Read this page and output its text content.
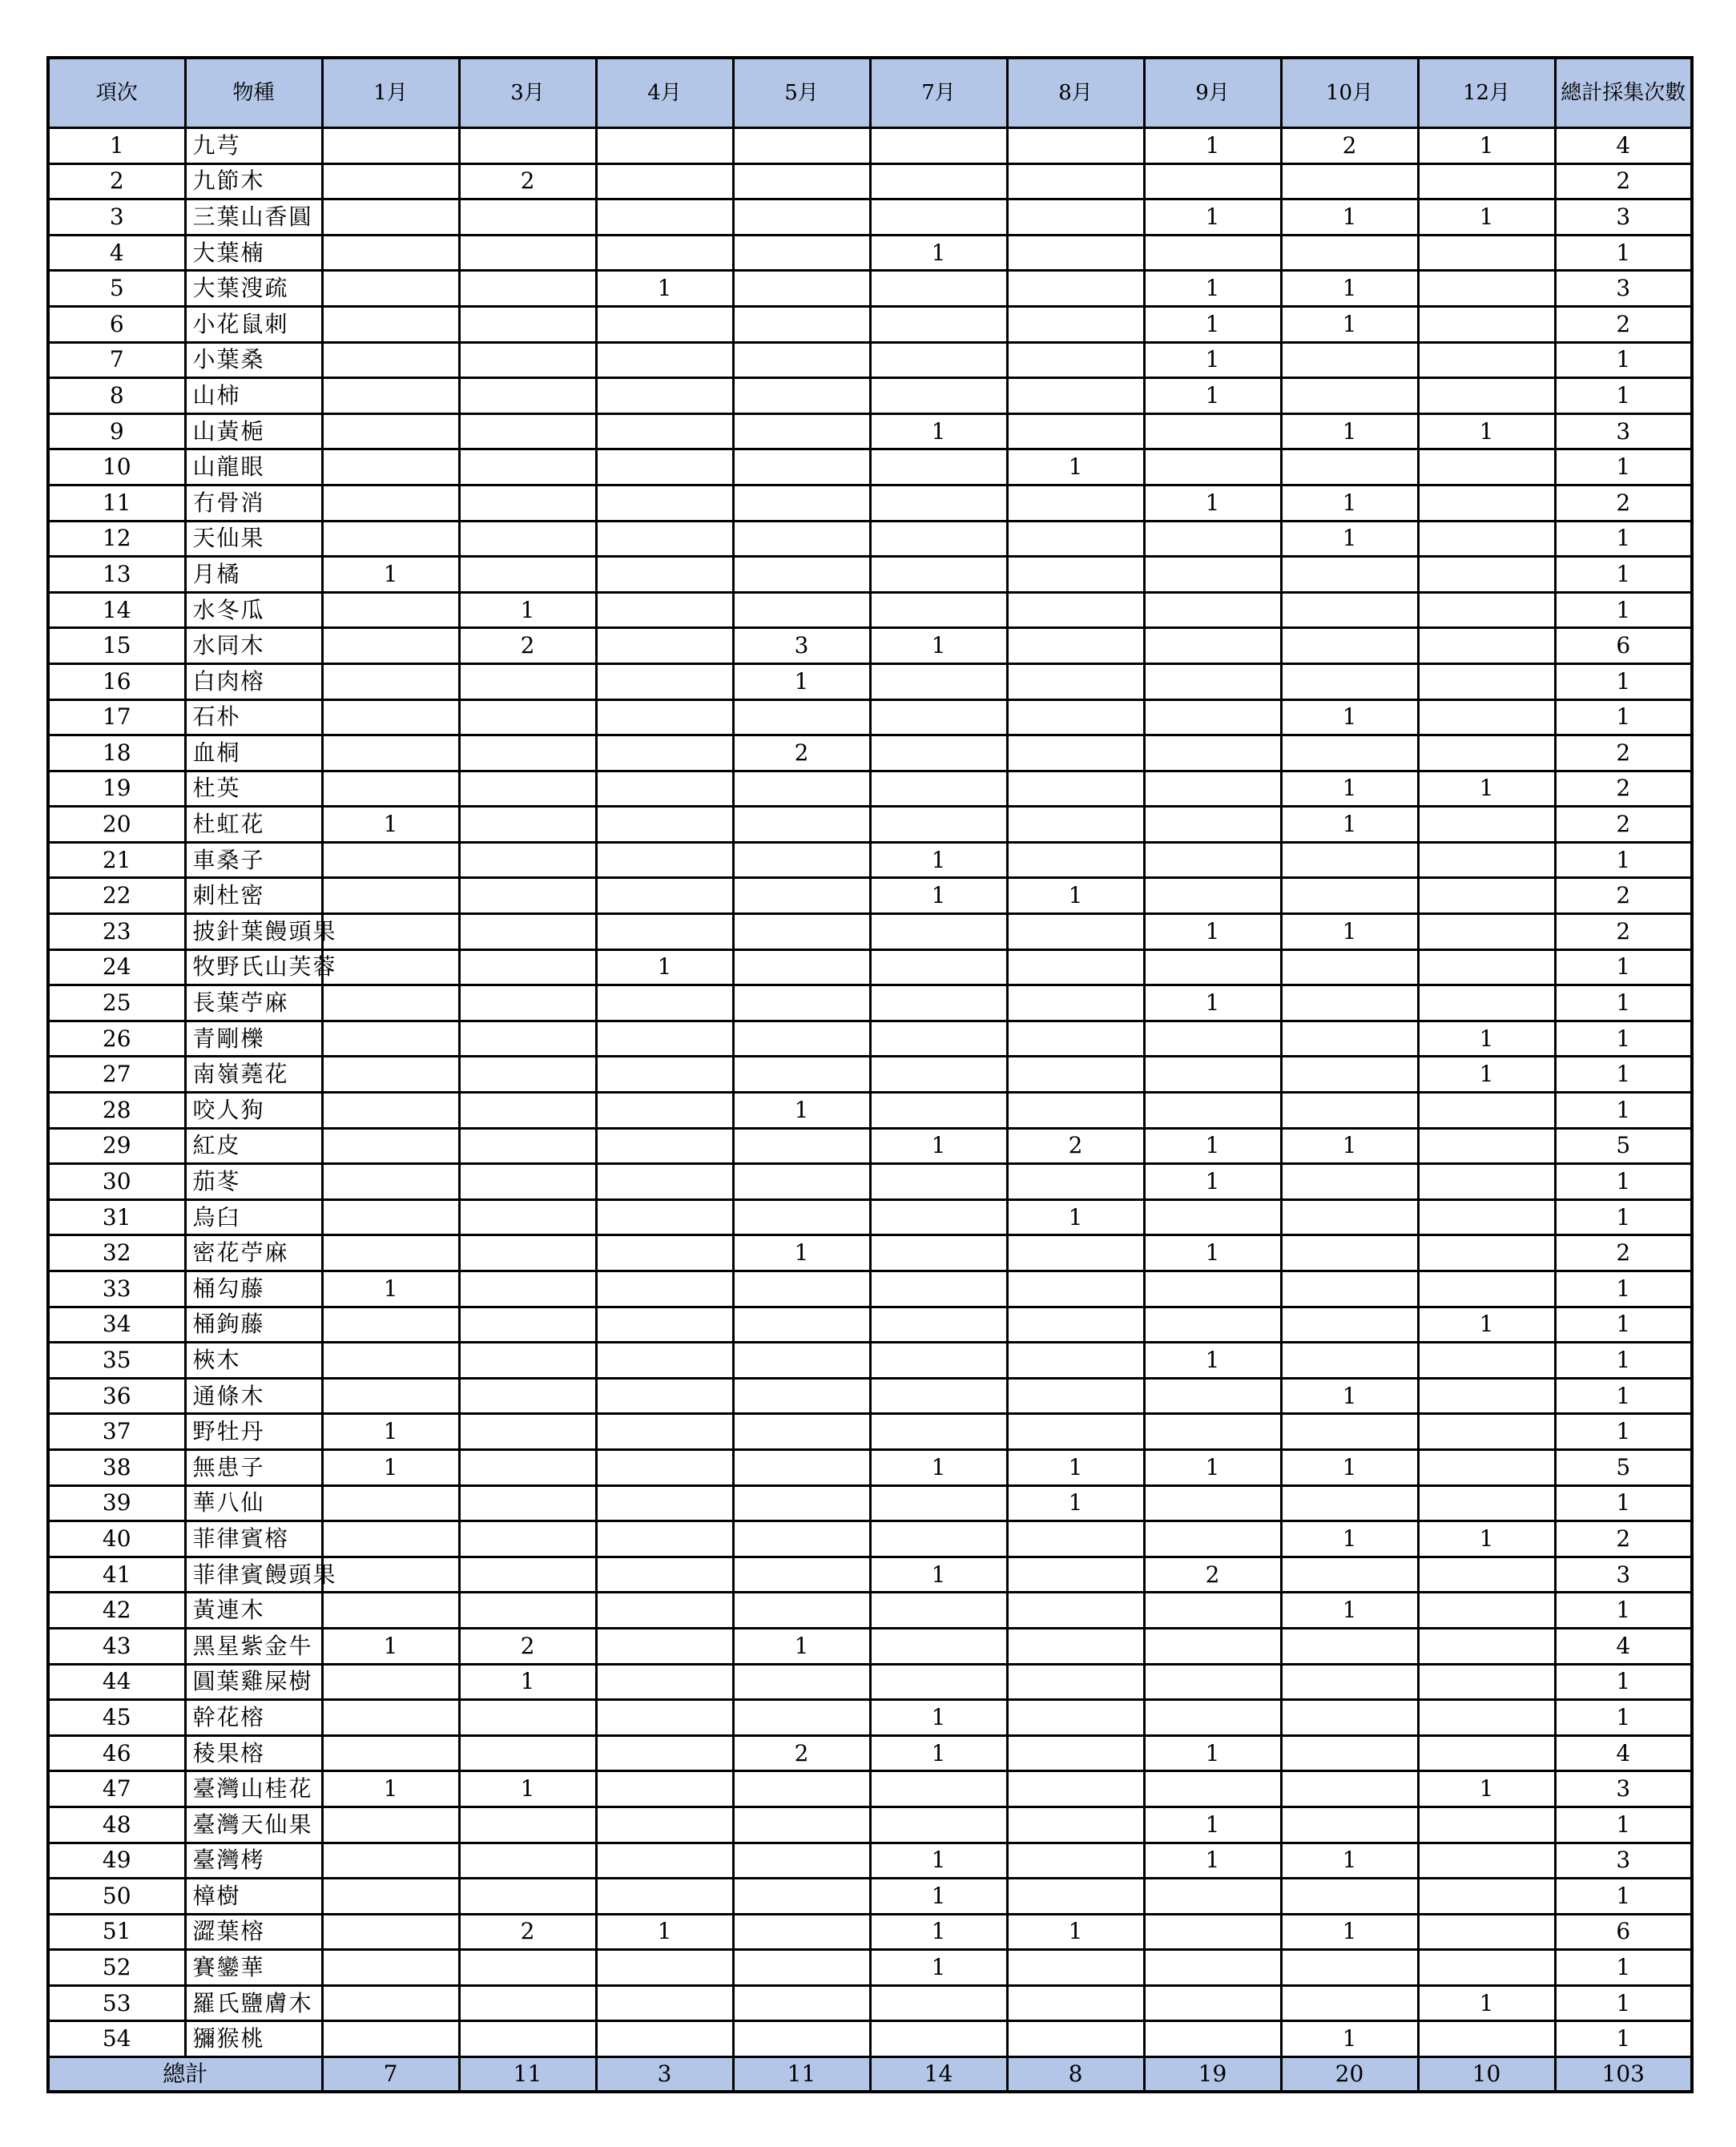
項次	物種	1月	3月	4月	5月	7月	8月	9月	10月	12月	總計採集次數
1	九芎							1	2	1	4
2	九節木		2								2
3	三葉山香圓							1	1	1	3
4	大葉楠					1					1
5	大葉溲疏			1				1	1		3
6	小花鼠刺							1	1		2
7	小葉桑							1			1
8	山柿							1			1
9	山黃梔					1			1	1	3
10	山龍眼						1				1
11	冇骨消							1	1		2
12	天仙果								1		1
13	月橘	1									1
14	水冬瓜		1								1
15	水同木		2		3	1					6
16	白肉榕				1						1
17	石朴								1		1
18	血桐				2						2
19	杜英								1	1	2
20	杜虹花	1							1		2
21	車桑子					1					1
22	刺杜密					1	1				2
23	披針葉饅頭果							1	1		2
24	牧野氏山芙蓉			1							1
25	長葉苧麻							1			1
26	青剛櫟									1	1
27	南嶺蕘花									1	1
28	咬人狗				1						1
29	紅皮					1	2	1	1		5
30	茄苳							1			1
31	烏臼						1				1
32	密花苧麻				1			1			2
33	桶勾藤	1									1
34	桶鉤藤									1	1
35	梜木							1			1
36	通條木								1		1
37	野牡丹	1									1
38	無患子	1				1	1	1	1		5
39	華八仙						1				1
40	菲律賓榕								1	1	2
41	菲律賓饅頭果					1		2			3
42	黃連木								1		1
43	黑星紫金牛	1	2		1						4
44	圓葉雞屎樹		1								1
45	幹花榕					1					1
46	稜果榕				2	1		1			4
47	臺灣山桂花	1	1							1	3
48	臺灣天仙果							1			1
49	臺灣栲					1		1	1		3
50	樟樹					1					1
51	澀葉榕		2	1		1	1		1		6
52	賽鑾華					1					1
53	羅氏鹽膚木									1	1
54	獼猴桃								1		1
總計		7	11	3	11	14	8	19	20	10	103
